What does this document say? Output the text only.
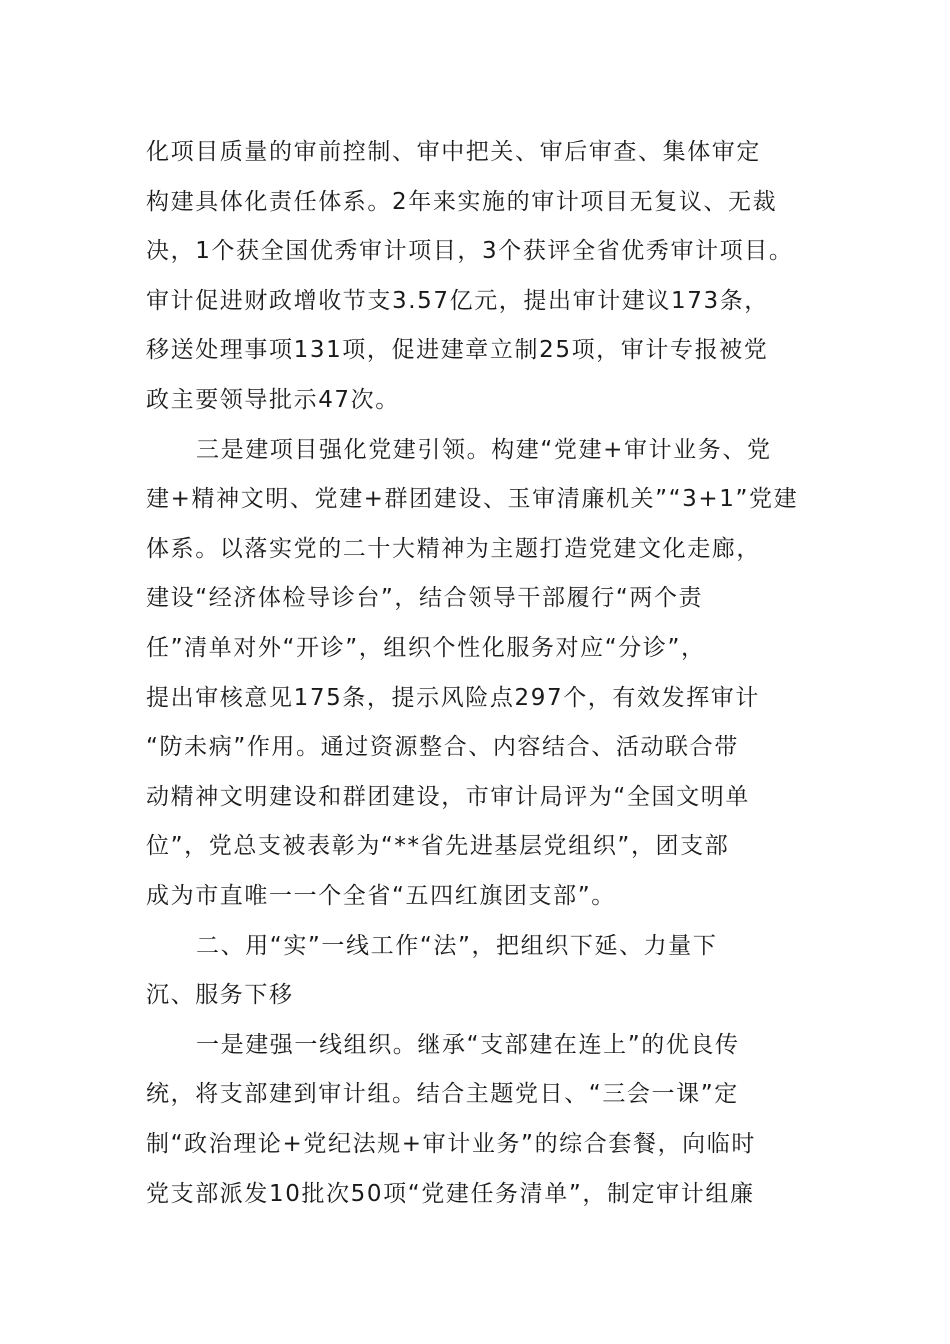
化项目质量的审前控制、审中把关、审后审查、集体审定
构建具体化责任体系。2年来实施的审计项目无复议、无裁
决，1个获全国优秀审计项目，3个获评全省优秀审计项目。
审计促进财政增收节支3.57亿元，提出审计建议173条，
移送处理事项131项，促进建章立制25项，审计专报被党
政主要领导批示47次。
三是建项目强化党建引领。构建“党建+审计业务、党
建+精神文明、党建+群团建设、玉审清廉机关”“3+1”党建
体系。以落实党的二十大精神为主题打造党建文化走廊，
建设“经济体检导诊台”，结合领导干部履行“两个责
任”清单对外“开诊”，组织个性化服务对应“分诊”，
提出审核意见175条，提示风险点297个，有效发挥审计
“防未病”作用。通过资源整合、内容结合、活动联合带
动精神文明建设和群团建设，市审计局评为“全国文明单
位”，党总支被表彰为“**省先进基层党组织”，团支部
成为市直唯一一个全省“五四红旗团支部”。
二、用“实”一线工作“法”，把组织下延、力量下
沉、服务下移
一是建强一线组织。继承“支部建在连上”的优良传
统，将支部建到审计组。结合主题党日、“三会一课”定
制“政治理论+党纪法规+审计业务”的综合套餐，向临时
党支部派发10批次50项“党建任务清单”，制定审计组廉
